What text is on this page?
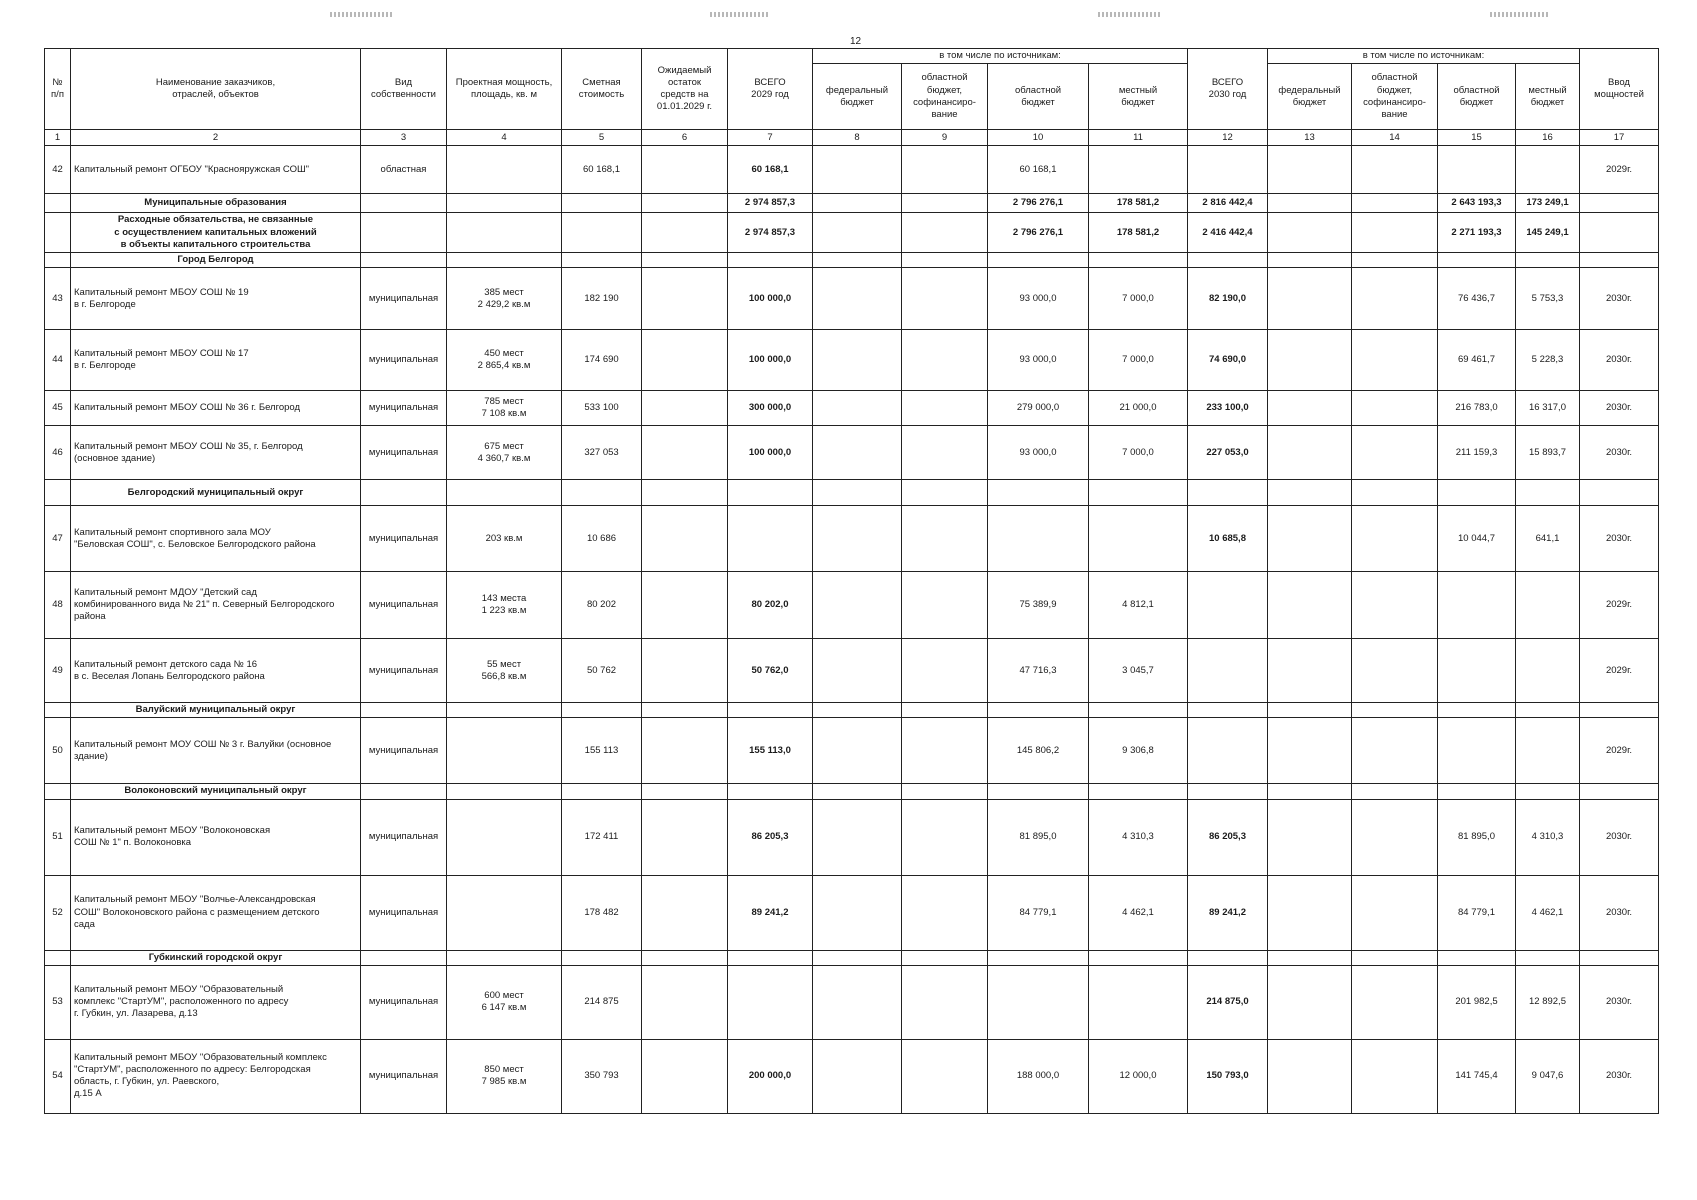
12
№
п/п	Наименование заказчиков,
отраслей, объектов	Вид
собственности	Проектная мощность,
площадь, кв. м	Сметная
стоимость	Ожидаемый
остаток
средств на
01.01.2029 г.	ВСЕГО
2029 год	в том числе по источникам:				ВСЕГО
2030 год	в том числе по источникам:				Ввод
мощностей
							федеральный
бюджет	областной
бюджет,
софинансиро-
вание	областной
бюджет	местный
бюджет		федеральный
бюджет	областной
бюджет,
софинансиро-
вание	областной
бюджет	местный
бюджет	
1	2	3	4	5	6	7	8	9	10	11	12	13	14	15	16	17
42	Капитальный ремонт ОГБОУ "Краснояружская СОШ"	областная		60 168,1		60 168,1			60 168,1							2029г.
	Муниципальные образования					2 974 857,3			2 796 276,1	178 581,2	2 816 442,4			2 643 193,3	173 249,1	
	Расходные обязательства, не связанные
с осуществлением капитальных вложений
в объекты капитального строительства					2 974 857,3			2 796 276,1	178 581,2	2 416 442,4			2 271 193,3	145 249,1	
	Город Белгород															
43	Капитальный ремонт МБОУ СОШ № 19
в г. Белгороде	муниципальная	385 мест
2 429,2 кв.м	182 190		100 000,0			93 000,0	7 000,0	82 190,0			76 436,7	5 753,3	2030г.
44	Капитальный ремонт МБОУ СОШ № 17
в г. Белгороде	муниципальная	450 мест
2 865,4 кв.м	174 690		100 000,0			93 000,0	7 000,0	74 690,0			69 461,7	5 228,3	2030г.
45	Капитальный ремонт МБОУ СОШ № 36 г. Белгород	муниципальная	785 мест
7 108 кв.м	533 100		300 000,0			279 000,0	21 000,0	233 100,0			216 783,0	16 317,0	2030г.
46	Капитальный ремонт МБОУ СОШ № 35, г. Белгород
(основное здание)	муниципальная	675 мест
4 360,7 кв.м	327 053		100 000,0			93 000,0	7 000,0	227 053,0			211 159,3	15 893,7	2030г.
	Белгородский муниципальный округ															
47	Капитальный ремонт спортивного зала МОУ
"Беловская СОШ", с. Беловское Белгородского района	муниципальная	203 кв.м	10 686							10 685,8			10 044,7	641,1	2030г.
48	Капитальный ремонт МДОУ "Детский сад
комбинированного вида № 21" п. Северный Белгородского
района	муниципальная	143 места
1 223 кв.м	80 202		80 202,0			75 389,9	4 812,1						2029г.
49	Капитальный ремонт детского сада № 16
в с. Веселая Лопань Белгородского района	муниципальная	55 мест
566,8 кв.м	50 762		50 762,0			47 716,3	3 045,7						2029г.
	Валуйский муниципальный округ															
50	Капитальный ремонт МОУ СОШ № 3 г. Валуйки (основное
здание)	муниципальная		155 113		155 113,0			145 806,2	9 306,8						2029г.
	Волоконовский муниципальный округ															
51	Капитальный ремонт МБОУ "Волоконовская
СОШ № 1" п. Волоконовка	муниципальная		172 411		86 205,3			81 895,0	4 310,3	86 205,3			81 895,0	4 310,3	2030г.
52	Капитальный ремонт МБОУ "Волчье-Александровская
СОШ" Волоконовского района с размещением детского
сада	муниципальная		178 482		89 241,2			84 779,1	4 462,1	89 241,2			84 779,1	4 462,1	2030г.
	Губкинский городской округ															
53	Капитальный ремонт МБОУ "Образовательный
комплекс "СтартУМ", расположенного по адресу
г. Губкин, ул. Лазарева, д.13	муниципальная	600 мест
6 147 кв.м	214 875							214 875,0			201 982,5	12 892,5	2030г.
54	Капитальный ремонт МБОУ "Образовательный комплекс
"СтартУМ", расположенного по адресу: Белгородская
область, г. Губкин, ул. Раевского,
д.15 А	муниципальная	850 мест
7 985 кв.м	350 793		200 000,0			188 000,0	12 000,0	150 793,0			141 745,4	9 047,6	2030г.
